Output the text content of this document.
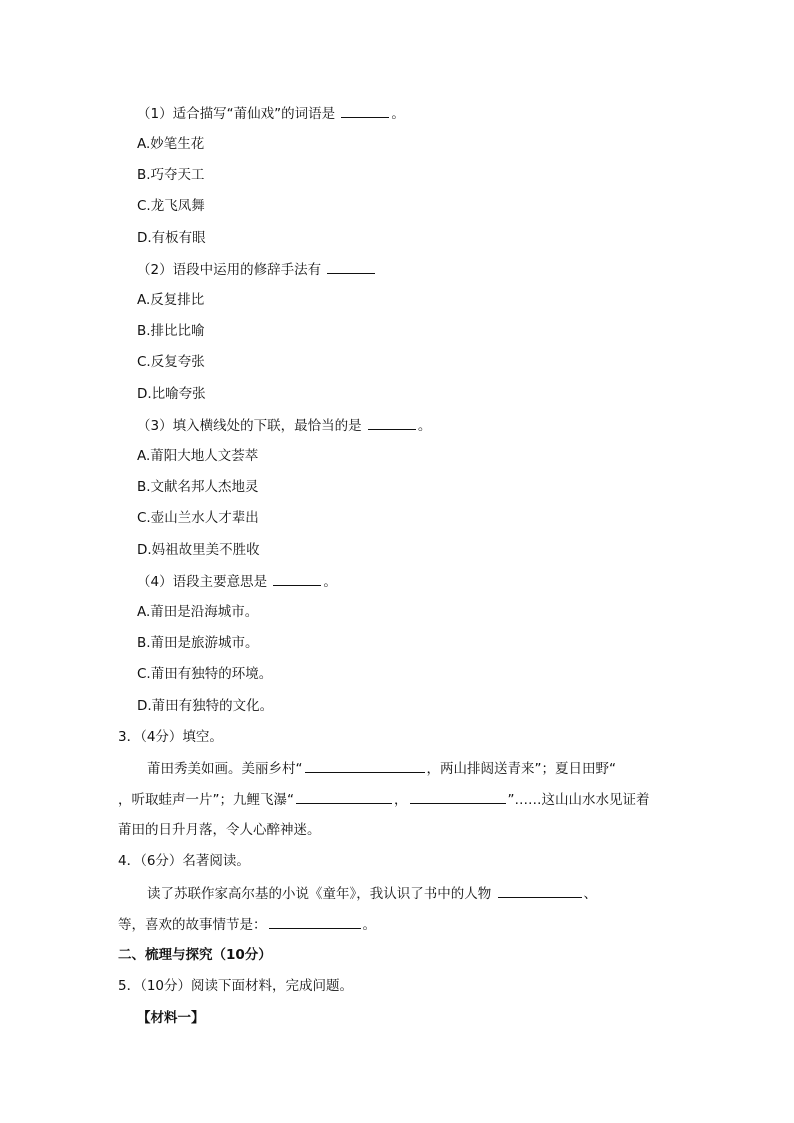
（1）适合描写“莆仙戏”的词语是	。
A.妙笔生花
B.巧夺天工
C.龙飞凤舞
D.有板有眼
（2）语段中运用的修辞手法有
A.反复排比
B.排比比喻
C.反复夸张
D.比喻夸张
（3）填入横线处的下联，最恰当的是	。
A.莆阳大地人文荟萃
B.文献名邦人杰地灵
C.壶山兰水人才辈出
D.妈祖故里美不胜收
（4）语段主要意思是	。
A.莆田是沿海城市。
B.莆田是旅游城市。
C.莆田有独特的环境。
D.莆田有独特的文化。
3．（4分）填空。
莆田秀美如画。美丽乡村“	，两山排闼送青来”；夏日田野“
，听取蛙声一片”；九鲤飞瀑“	，	”……这山山水水见证着
莆田的日升月落，令人心醉神迷。
4．（6分）名著阅读。
读了苏联作家高尔基的小说《童年》，我认识了书中的人物	、
等，喜欢的故事情节是：	。
二、梳理与探究（10分）
5．（10分）阅读下面材料，完成问题。
【材料一】
